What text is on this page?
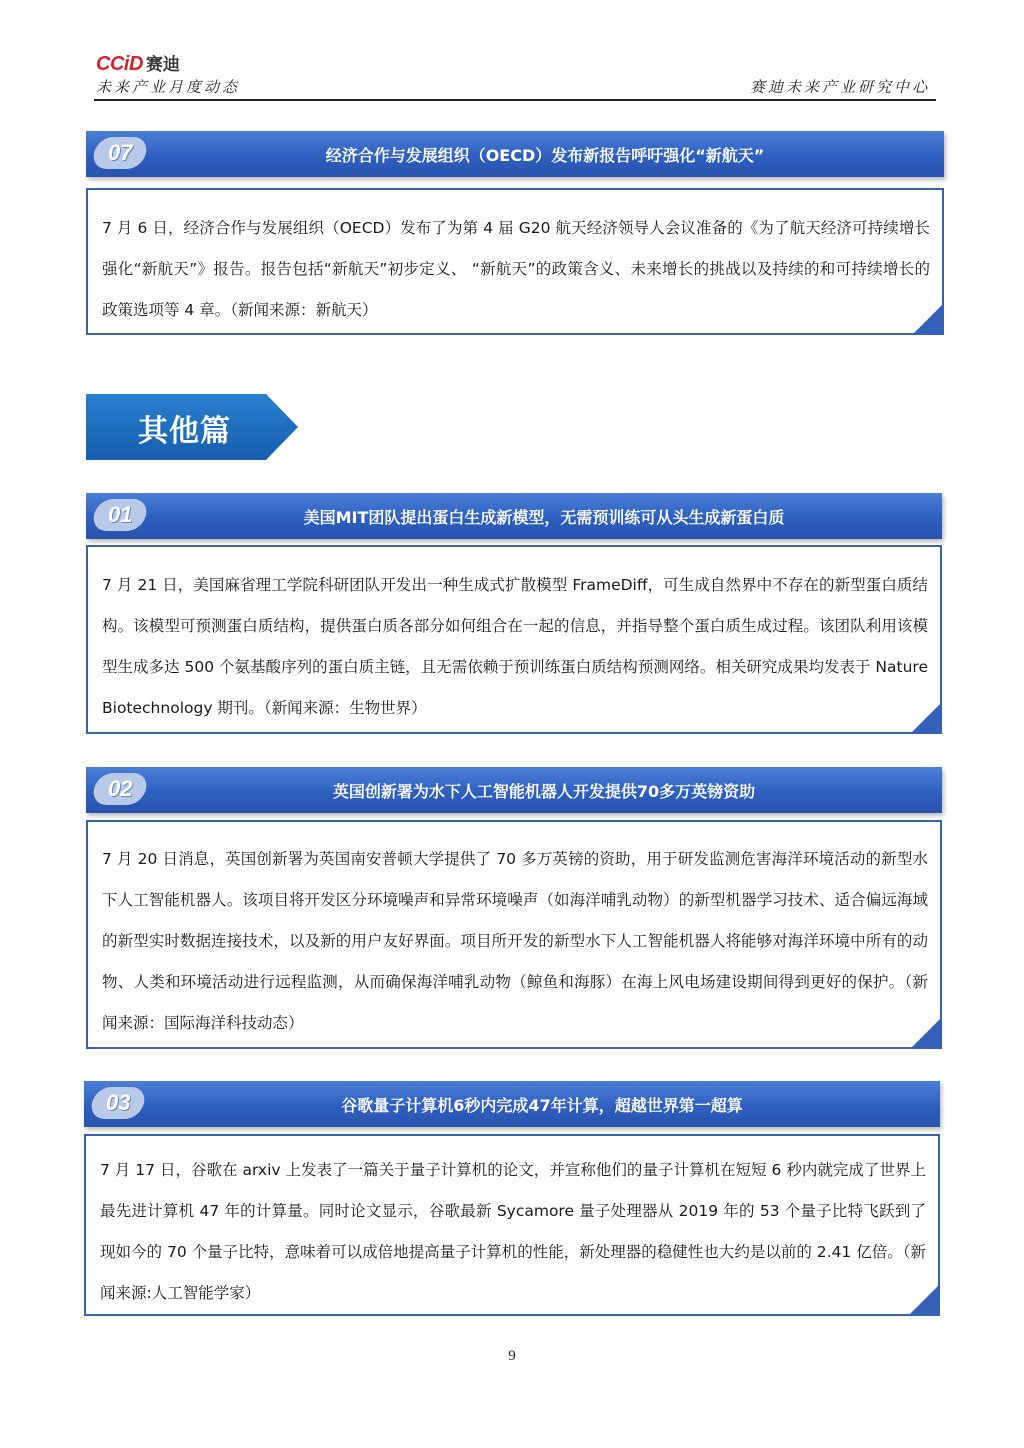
CCiD 赛迪
未来产业月度动态	赛迪未来产业研究中心
07	经济合作与发展组织（OECD）发布新报告呼吁强化“新航天”

7 月 6 日，经济合作与发展组织（OECD）发布了为第 4 届 G20 航天经济领导人会议准备的《为了航天经济可持续增长强化“新航天”》报告。报告包括“新航天”初步定义、 “新航天”的政策含义、未来增长的挑战以及持续的和可持续增长的政策选项等 4 章。（新闻来源：新航天）

其他篇
01	美国MIT团队提出蛋白生成新模型，无需预训练可从头生成新蛋白质

7 月 21 日，美国麻省理工学院科研团队开发出一种生成式扩散模型 FrameDiff，可生成自然界中不存在的新型蛋白质结构。该模型可预测蛋白质结构，提供蛋白质各部分如何组合在一起的信息，并指导整个蛋白质生成过程。该团队利用该模型生成多达 500 个氨基酸序列的蛋白质主链，且无需依赖于预训练蛋白质结构预测网络。相关研究成果均发表于 Nature Biotechnology 期刊。（新闻来源：生物世界）

02	英国创新署为水下人工智能机器人开发提供70多万英镑资助

7 月 20 日消息，英国创新署为英国南安普顿大学提供了 70 多万英镑的资助，用于研发监测危害海洋环境活动的新型水下人工智能机器人。该项目将开发区分环境噪声和异常环境噪声（如海洋哺乳动物）的新型机器学习技术、适合偏远海域的新型实时数据连接技术，以及新的用户友好界面。项目所开发的新型水下人工智能机器人将能够对海洋环境中所有的动物、人类和环境活动进行远程监测，从而确保海洋哺乳动物（鲸鱼和海豚）在海上风电场建设期间得到更好的保护。（新闻来源：国际海洋科技动态）

03	谷歌量子计算机6秒内完成47年计算，超越世界第一超算

7 月 17 日，谷歌在 arxiv 上发表了一篇关于量子计算机的论文，并宣称他们的量子计算机在短短 6 秒内就完成了世界上最先进计算机 47 年的计算量。同时论文显示，谷歌最新 Sycamore 量子处理器从 2019 年的 53 个量子比特飞跃到了现如今的 70 个量子比特，意味着可以成倍地提高量子计算机的性能，新处理器的稳健性也大约是以前的 2.41 亿倍。（新闻来源:人工智能学家）

9
